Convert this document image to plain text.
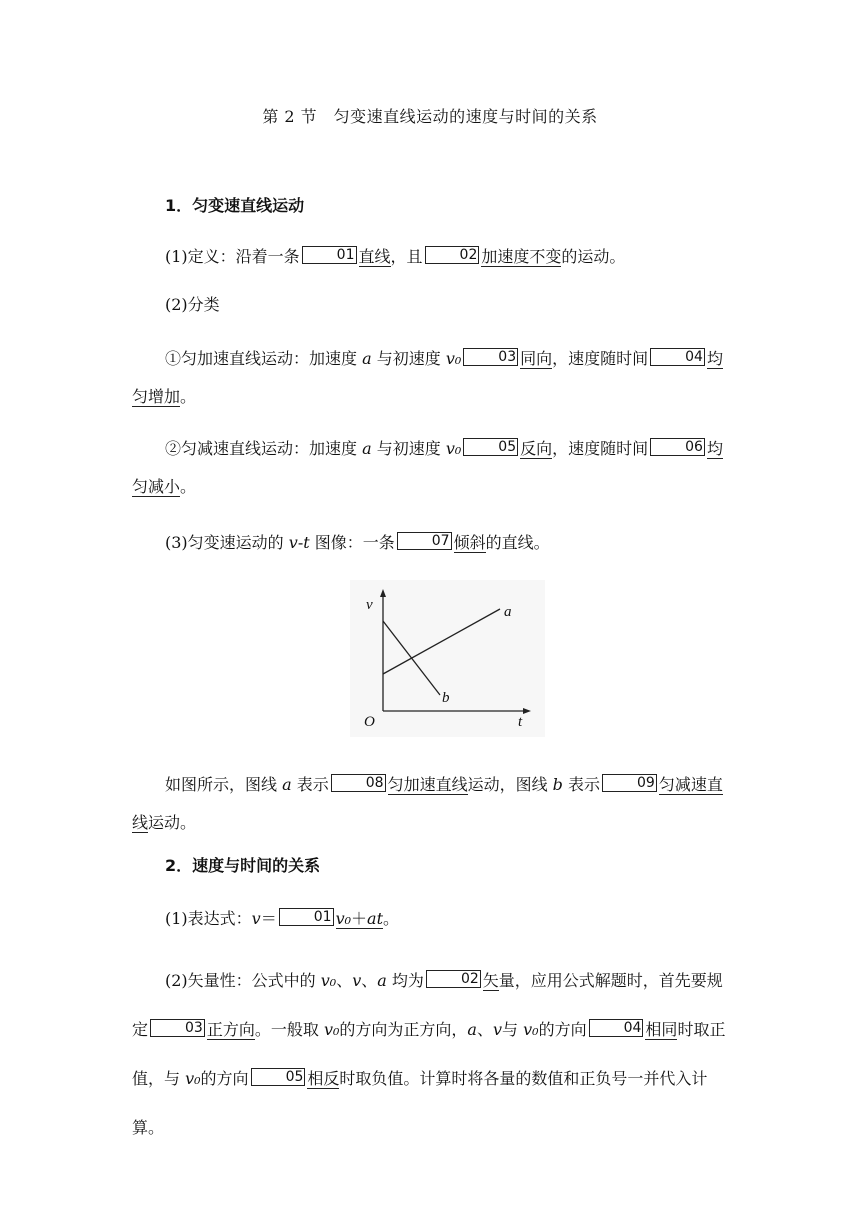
第 2 节　匀变速直线运动的速度与时间的关系
1．匀变速直线运动
(1)定义：沿着一条	01 直线，且	02 加速度不变的运动。
(2)分类
①匀加速直线运动：加速度 a 与初速度 v₀	03 同向，速度随时间	04 均匀增加。
②匀减速直线运动：加速度 a 与初速度 v₀	05 反向，速度随时间	06 均匀减小。
(3)匀变速运动的 v-t 图像：一条	07 倾斜的直线。
v
t
O
a
b
如图所示，图线 a 表示	08 匀加速直线运动，图线 b 表示	09 匀减速直线运动。
2．速度与时间的关系
(1)表达式：v＝	01 v₀＋at。
(2)矢量性：公式中的 v₀、v、a 均为	02 矢量，应用公式解题时，首先要规定	03 正方向。一般取 v₀的方向为正方向，a、v与 v₀的方向	04 相同时取正值，与 v₀的方向	05 相反时取负值。计算时将各量的数值和正负号一并代入计算。
